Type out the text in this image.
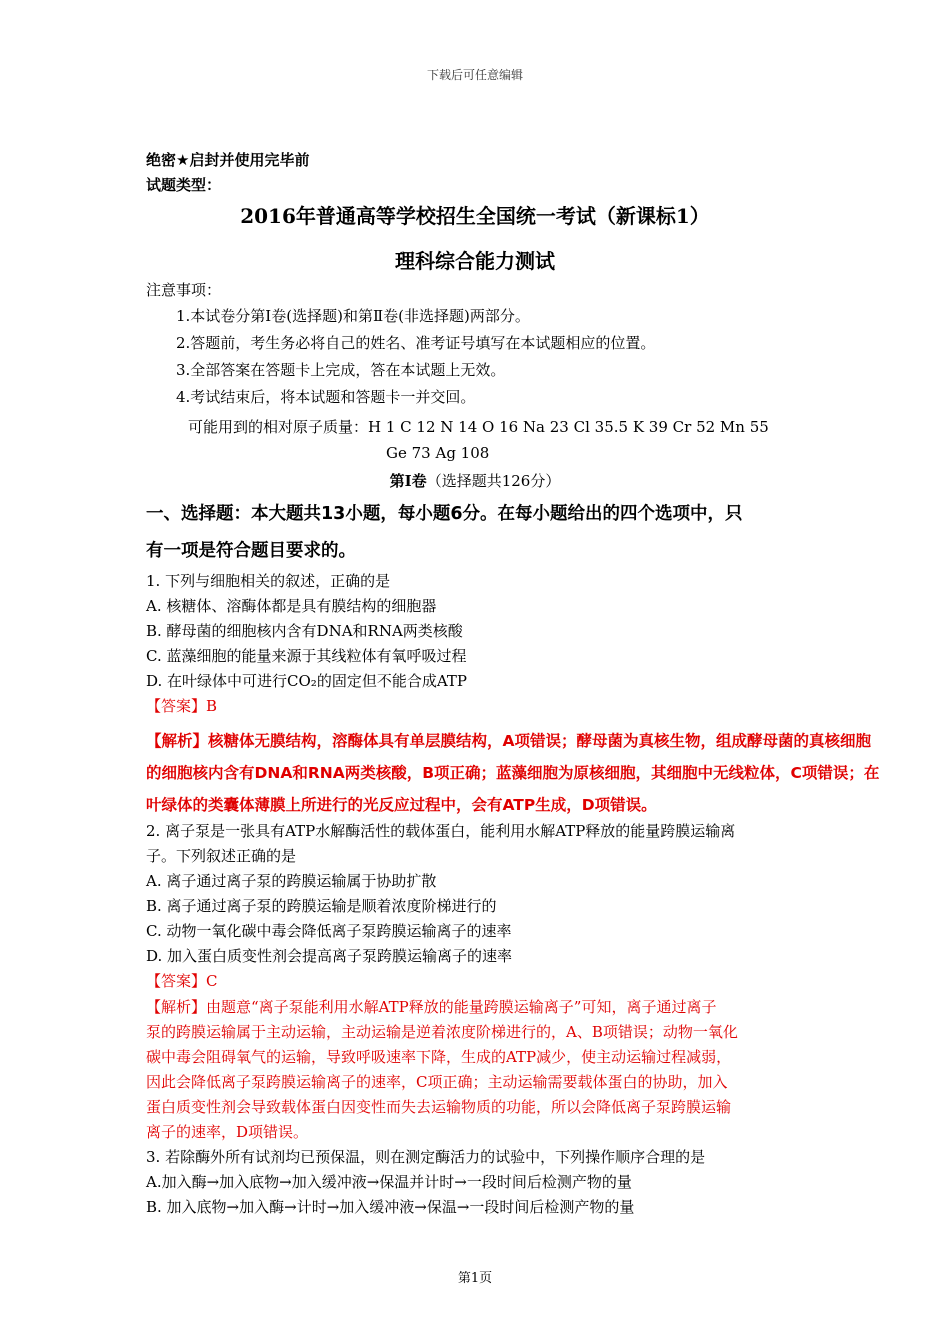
下载后可任意编辑
绝密★启封并使用完毕前
试题类型：
2016年普通高等学校招生全国统一考试（新课标1）
理科综合能力测试
注意事项：
1.本试卷分第Ⅰ卷(选择题)和第Ⅱ卷(非选择题)两部分。
2.答题前，考生务必将自己的姓名、准考证号填写在本试题相应的位置。
3.全部答案在答题卡上完成，答在本试题上无效。
4.考试结束后，将本试题和答题卡一并交回。
可能用到的相对原子质量：H 1 C 12 N 14 O 16 Na 23 Cl 35.5 K 39 Cr 52 Mn 55
Ge 73 Ag 108
第Ⅰ卷（选择题共126分）
一、选择题：本大题共13小题，每小题6分。在每小题给出的四个选项中，只
有一项是符合题目要求的。
1. 下列与细胞相关的叙述，正确的是
A. 核糖体、溶酶体都是具有膜结构的细胞器
B. 酵母菌的细胞核内含有DNA和RNA两类核酸
C. 蓝藻细胞的能量来源于其线粒体有氧呼吸过程
D. 在叶绿体中可进行CO₂的固定但不能合成ATP
【答案】B
【解析】核糖体无膜结构，溶酶体具有单层膜结构，A项错误；酵母菌为真核生物，组成酵母菌的真核细胞
的细胞核内含有DNA和RNA两类核酸，B项正确；蓝藻细胞为原核细胞，其细胞中无线粒体，C项错误；在
叶绿体的类囊体薄膜上所进行的光反应过程中，会有ATP生成，D项错误。
2. 离子泵是一张具有ATP水解酶活性的载体蛋白，能利用水解ATP释放的能量跨膜运输离
子。下列叙述正确的是
A. 离子通过离子泵的跨膜运输属于协助扩散
B. 离子通过离子泵的跨膜运输是顺着浓度阶梯进行的
C. 动物一氧化碳中毒会降低离子泵跨膜运输离子的速率
D. 加入蛋白质变性剂会提高离子泵跨膜运输离子的速率
【答案】C
【解析】由题意“离子泵能利用水解ATP释放的能量跨膜运输离子”可知，离子通过离子
泵的跨膜运输属于主动运输，主动运输是逆着浓度阶梯进行的，A、B项错误；动物一氧化
碳中毒会阻碍氧气的运输，导致呼吸速率下降，生成的ATP减少，使主动运输过程减弱，
因此会降低离子泵跨膜运输离子的速率，C项正确；主动运输需要载体蛋白的协助，加入
蛋白质变性剂会导致载体蛋白因变性而失去运输物质的功能，所以会降低离子泵跨膜运输
离子的速率，D项错误。
3. 若除酶外所有试剂均已预保温，则在测定酶活力的试验中，下列操作顺序合理的是
A.加入酶→加入底物→加入缓冲液→保温并计时→一段时间后检测产物的量
B. 加入底物→加入酶→计时→加入缓冲液→保温→一段时间后检测产物的量
第1页
